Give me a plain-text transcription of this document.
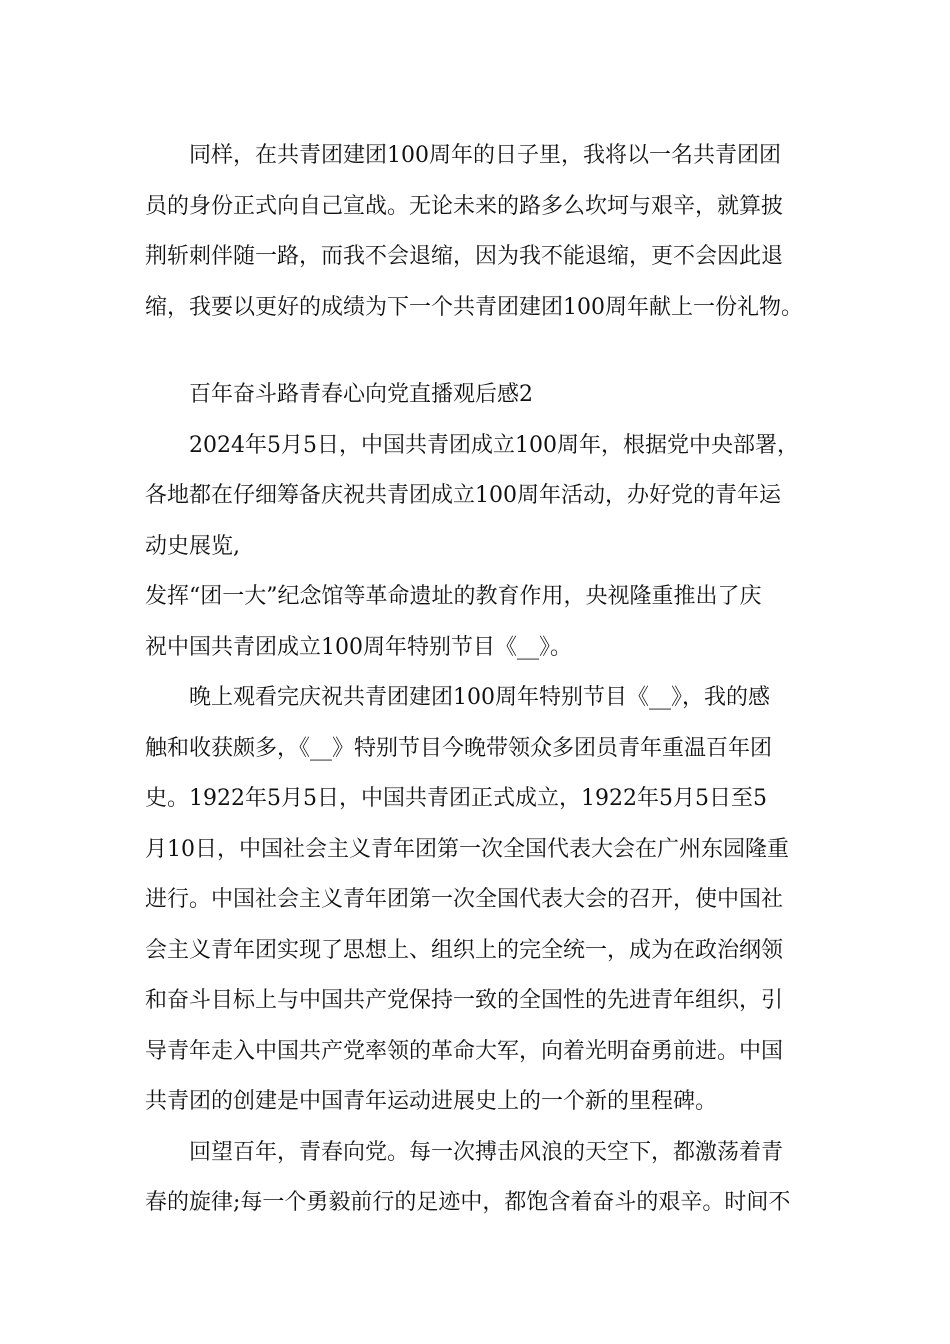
同样，在共青团建团100周年的日子里，我将以一名共青团团
员的身份正式向自己宣战。无论未来的路多么坎坷与艰辛，就算披
荆斩刺伴随一路，而我不会退缩，因为我不能退缩，更不会因此退
缩，我要以更好的成绩为下一个共青团建团100周年献上一份礼物。
百年奋斗路青春心向党直播观后感2
2024年5月5日，中国共青团成立100周年，根据党中央部署，
各地都在仔细筹备庆祝共青团成立100周年活动，办好党的青年运
动史展览,
发挥“团一大”纪念馆等革命遗址的教育作用，央视隆重推出了庆
祝中国共青团成立100周年特别节目《__》。
晚上观看完庆祝共青团建团100周年特别节目《__》，我的感
触和收获颇多，《__》特别节目今晚带领众多团员青年重温百年团
史。1922年5月5日，中国共青团正式成立，1922年5月5日至5
月10日，中国社会主义青年团第一次全国代表大会在广州东园隆重
进行。中国社会主义青年团第一次全国代表大会的召开，使中国社
会主义青年团实现了思想上、组织上的完全统一，成为在政治纲领
和奋斗目标上与中国共产党保持一致的全国性的先进青年组织，引
导青年走入中国共产党率领的革命大军，向着光明奋勇前进。中国
共青团的创建是中国青年运动进展史上的一个新的里程碑。
回望百年，青春向党。每一次搏击风浪的天空下，都激荡着青
春的旋律;每一个勇毅前行的足迹中，都饱含着奋斗的艰辛。时间不
